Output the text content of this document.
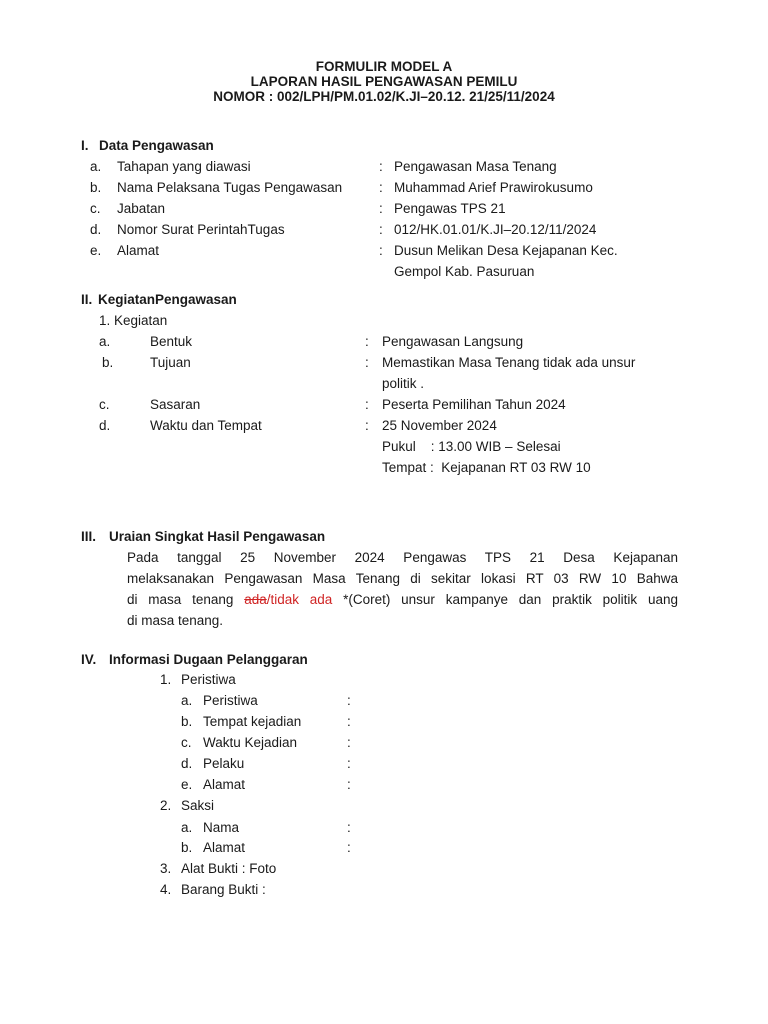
FORMULIR MODEL A
LAPORAN HASIL PENGAWASAN PEMILU
NOMOR : 002/LPH/PM.01.02/K.JI–20.12. 21/25/11/2024
I. Data Pengawasan
a. Tahapan yang diawasi	: Pengawasan Masa Tenang
b. Nama Pelaksana Tugas Pengawasan	: Muhammad Arief Prawirokusumo
c. Jabatan	: Pengawas TPS 21
d. Nomor Surat PerintahTugas	: 012/HK.01.01/K.JI–20.12/11/2024
e. Alamat	: Dusun Melikan Desa Kejapanan Kec.
Gempol Kab. Pasuruan
II. KegiatanPengawasan
1. Kegiatan
a.	Bentuk	: Pengawasan Langsung
b.	Tujuan	: Memastikan Masa Tenang tidak ada unsur
politik .
c.	Sasaran	: Peserta Pemilihan Tahun 2024
d.	Waktu dan Tempat	: 25 November 2024
Pukul    : 13.00 WIB – Selesai
Tempat :  Kejapanan RT 03 RW 10
III. Uraian Singkat Hasil Pengawasan
Pada tanggal 25 November 2024 Pengawas TPS 21 Desa Kejapanan
melaksanakan Pengawasan Masa Tenang di sekitar lokasi RT 03 RW 10 Bahwa
di masa tenang ada/tidak ada *(Coret) unsur kampanye dan praktik politik uang
di masa tenang.
IV. Informasi Dugaan Pelanggaran
1. Peristiwa
a. Peristiwa	:
b. Tempat kejadian	:
c. Waktu Kejadian	:
d. Pelaku	:
e. Alamat	:
2. Saksi
a. Nama	:
b. Alamat	:
3. Alat Bukti : Foto
4. Barang Bukti :
